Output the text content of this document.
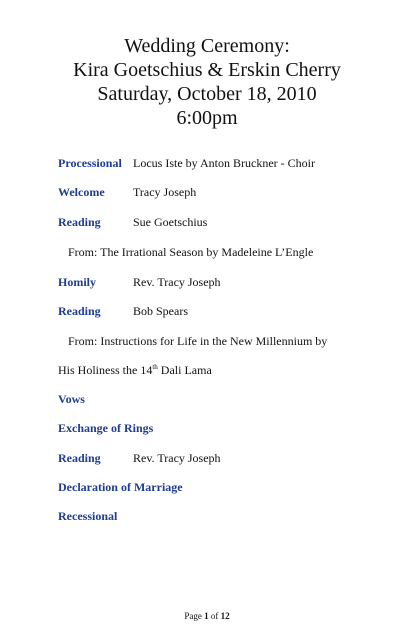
Wedding Ceremony:
Kira Goetschius & Erskin Cherry
Saturday, October 18, 2010
6:00pm
Processional Locus Iste by Anton Bruckner - Choir
Welcome Tracy Joseph
Reading	Sue Goetschius
From: The Irrational Season by Madeleine L’Engle
Homily	Rev. Tracy Joseph
Reading	Bob Spears
From: Instructions for Life in the New Millennium by
His Holiness the 14th Dali Lama
Vows
Exchange of Rings
Reading	Rev. Tracy Joseph
Declaration of Marriage
Recessional
Page 1 of 12
